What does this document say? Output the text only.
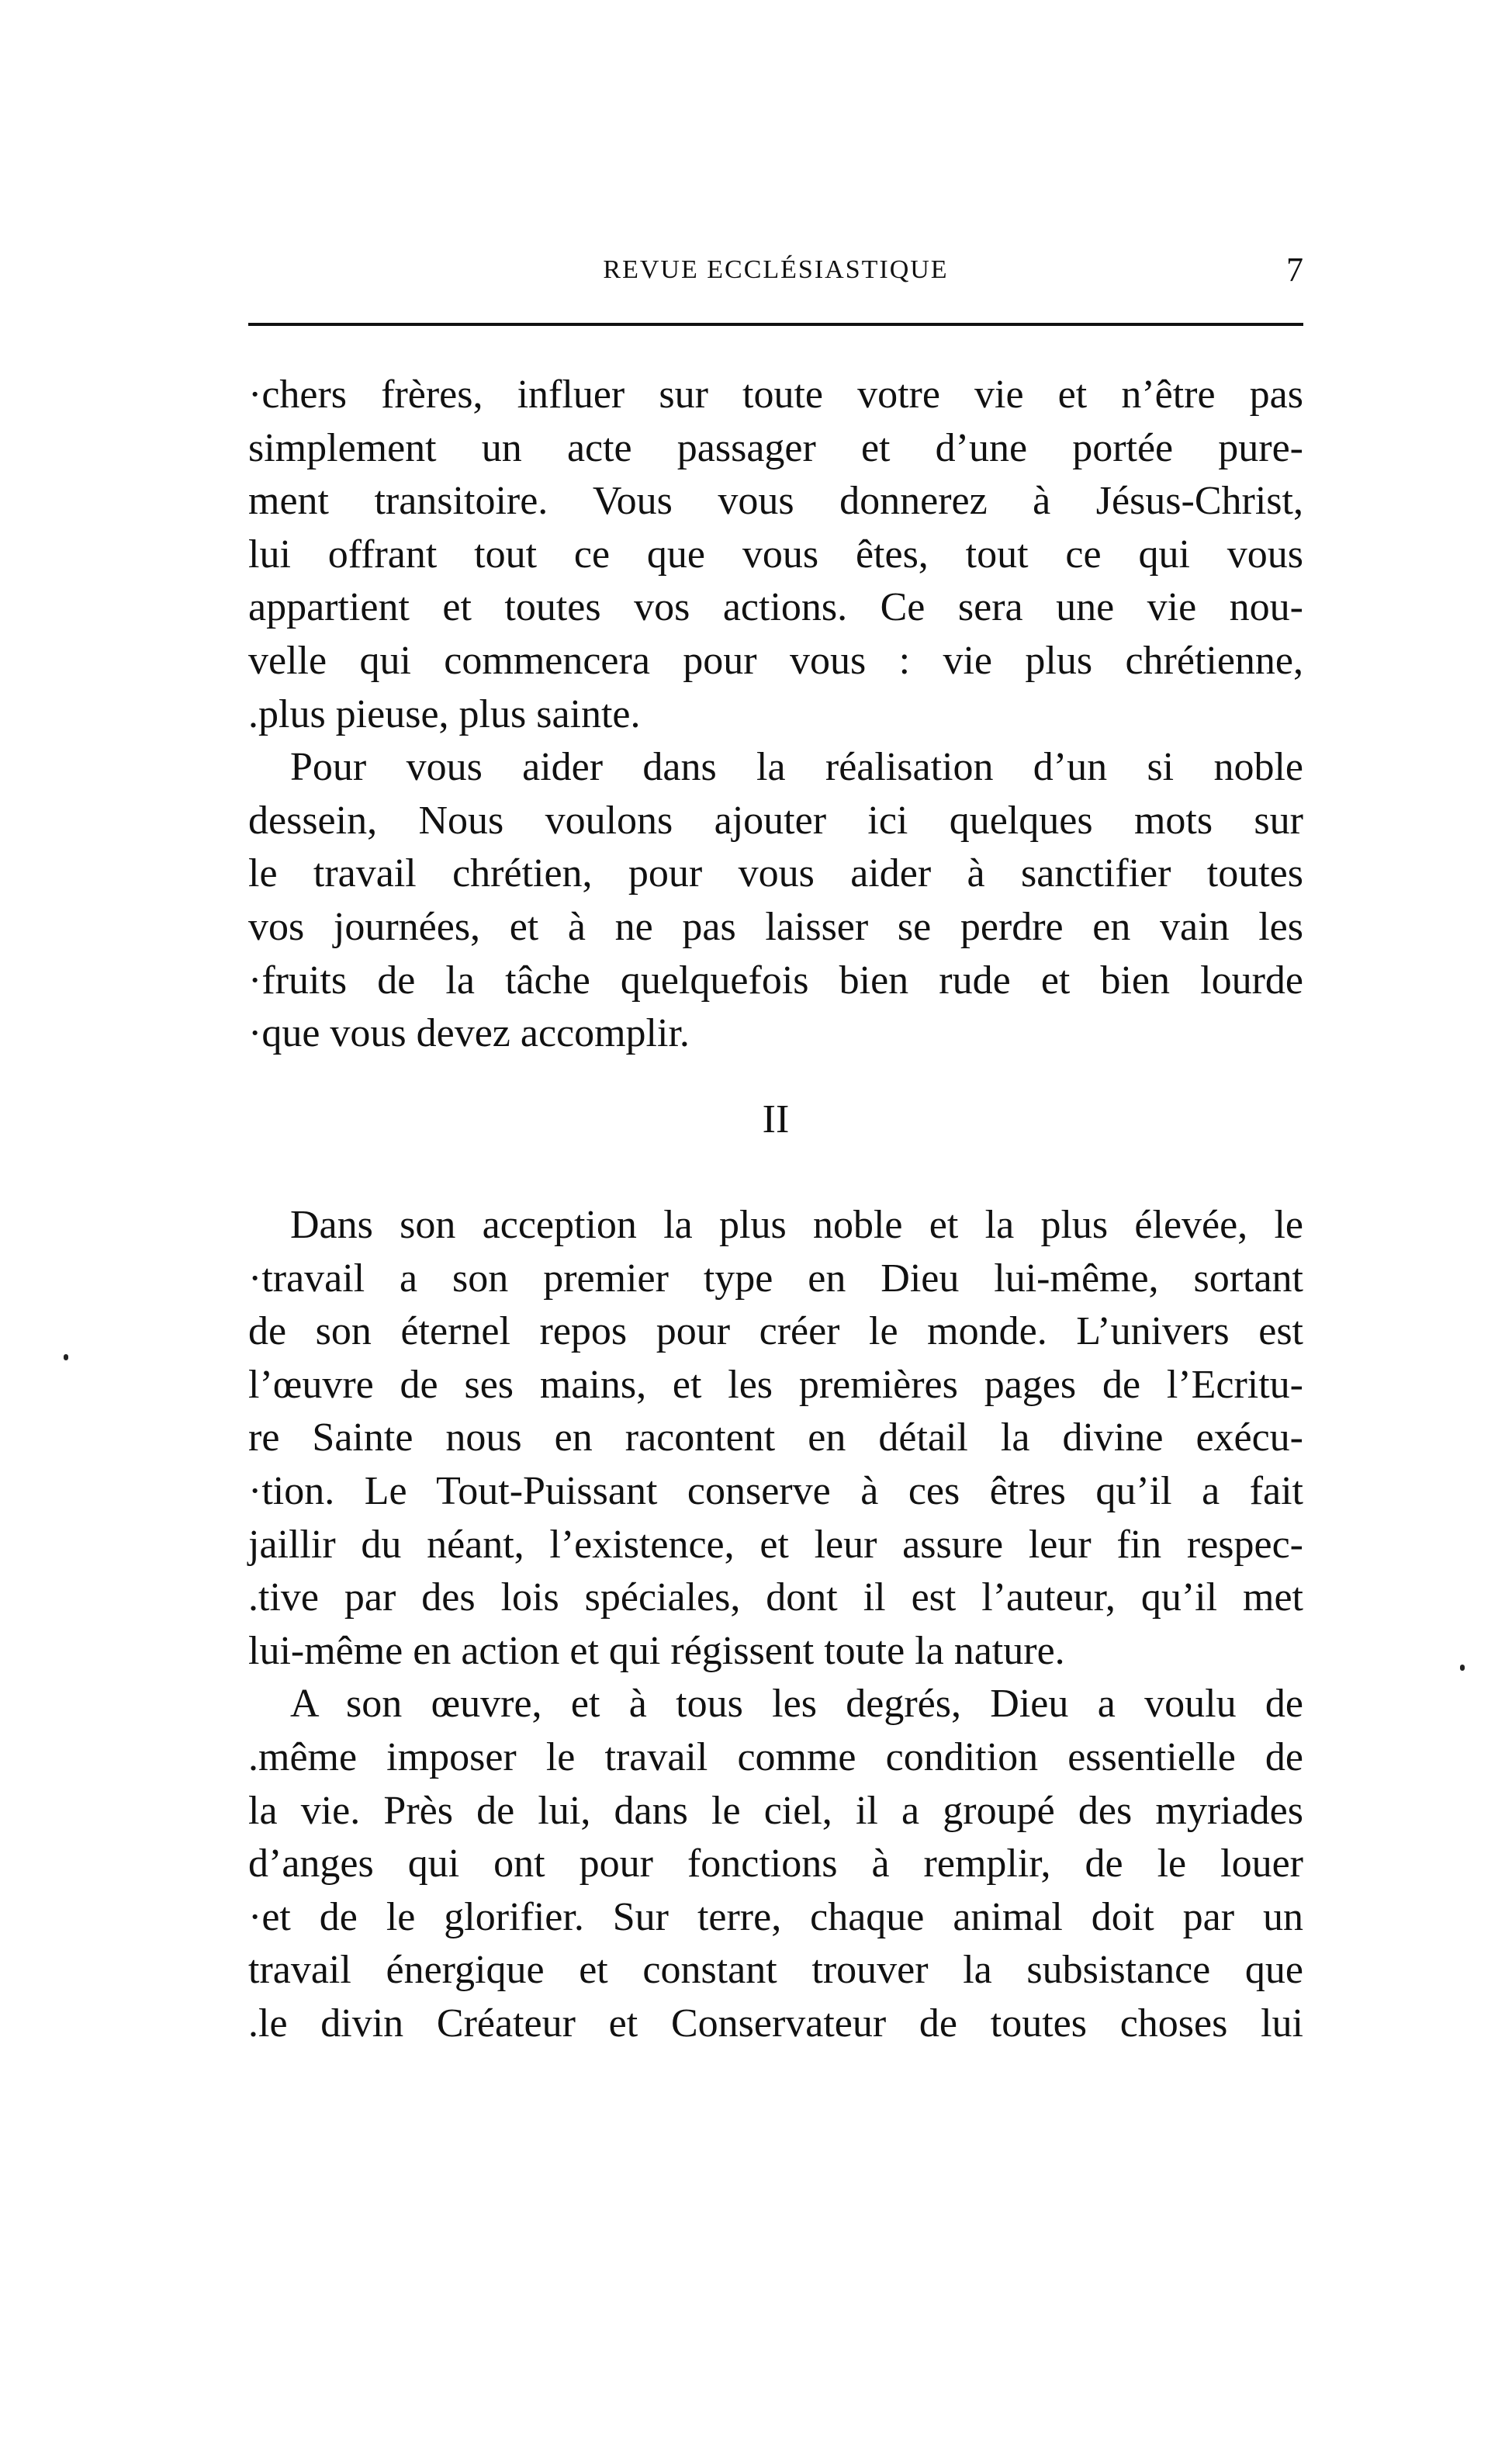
REVUE ECCLÉSIASTIQUE	7
·chers frères, influer sur toute votre vie et n’être pas
simplement un acte passager et d’une portée pure-
ment transitoire. Vous vous donnerez à Jésus-Christ,
lui offrant tout ce que vous êtes, tout ce qui vous
appartient et toutes vos actions. Ce sera une vie nou-
velle qui commencera pour vous : vie plus chrétienne,
.plus pieuse, plus sainte.
Pour vous aider dans la réalisation d’un si noble
dessein, Nous voulons ajouter ici quelques mots sur
le travail chrétien, pour vous aider à sanctifier toutes
vos journées, et à ne pas laisser se perdre en vain les
·fruits de la tâche quelquefois bien rude et bien lourde
·que vous devez accomplir.
II
Dans son acception la plus noble et la plus élevée, le
·travail a son premier type en Dieu lui-même, sortant
de son éternel repos pour créer le monde. L’univers est
l’œuvre de ses mains, et les premières pages de l’Ecritu-
re Sainte nous en racontent en détail la divine exécu-
·tion. Le Tout-Puissant conserve à ces êtres qu’il a fait
jaillir du néant, l’existence, et leur assure leur fin respec-
.tive par des lois spéciales, dont il est l’auteur, qu’il met
lui-même en action et qui régissent toute la nature.
A son œuvre, et à tous les degrés, Dieu a voulu de
.même imposer le travail comme condition essentielle de
la vie. Près de lui, dans le ciel, il a groupé des myriades
d’anges qui ont pour fonctions à remplir, de le louer
·et de le glorifier. Sur terre, chaque animal doit par un
travail énergique et constant trouver la subsistance que
.le divin Créateur et Conservateur de toutes choses lui
